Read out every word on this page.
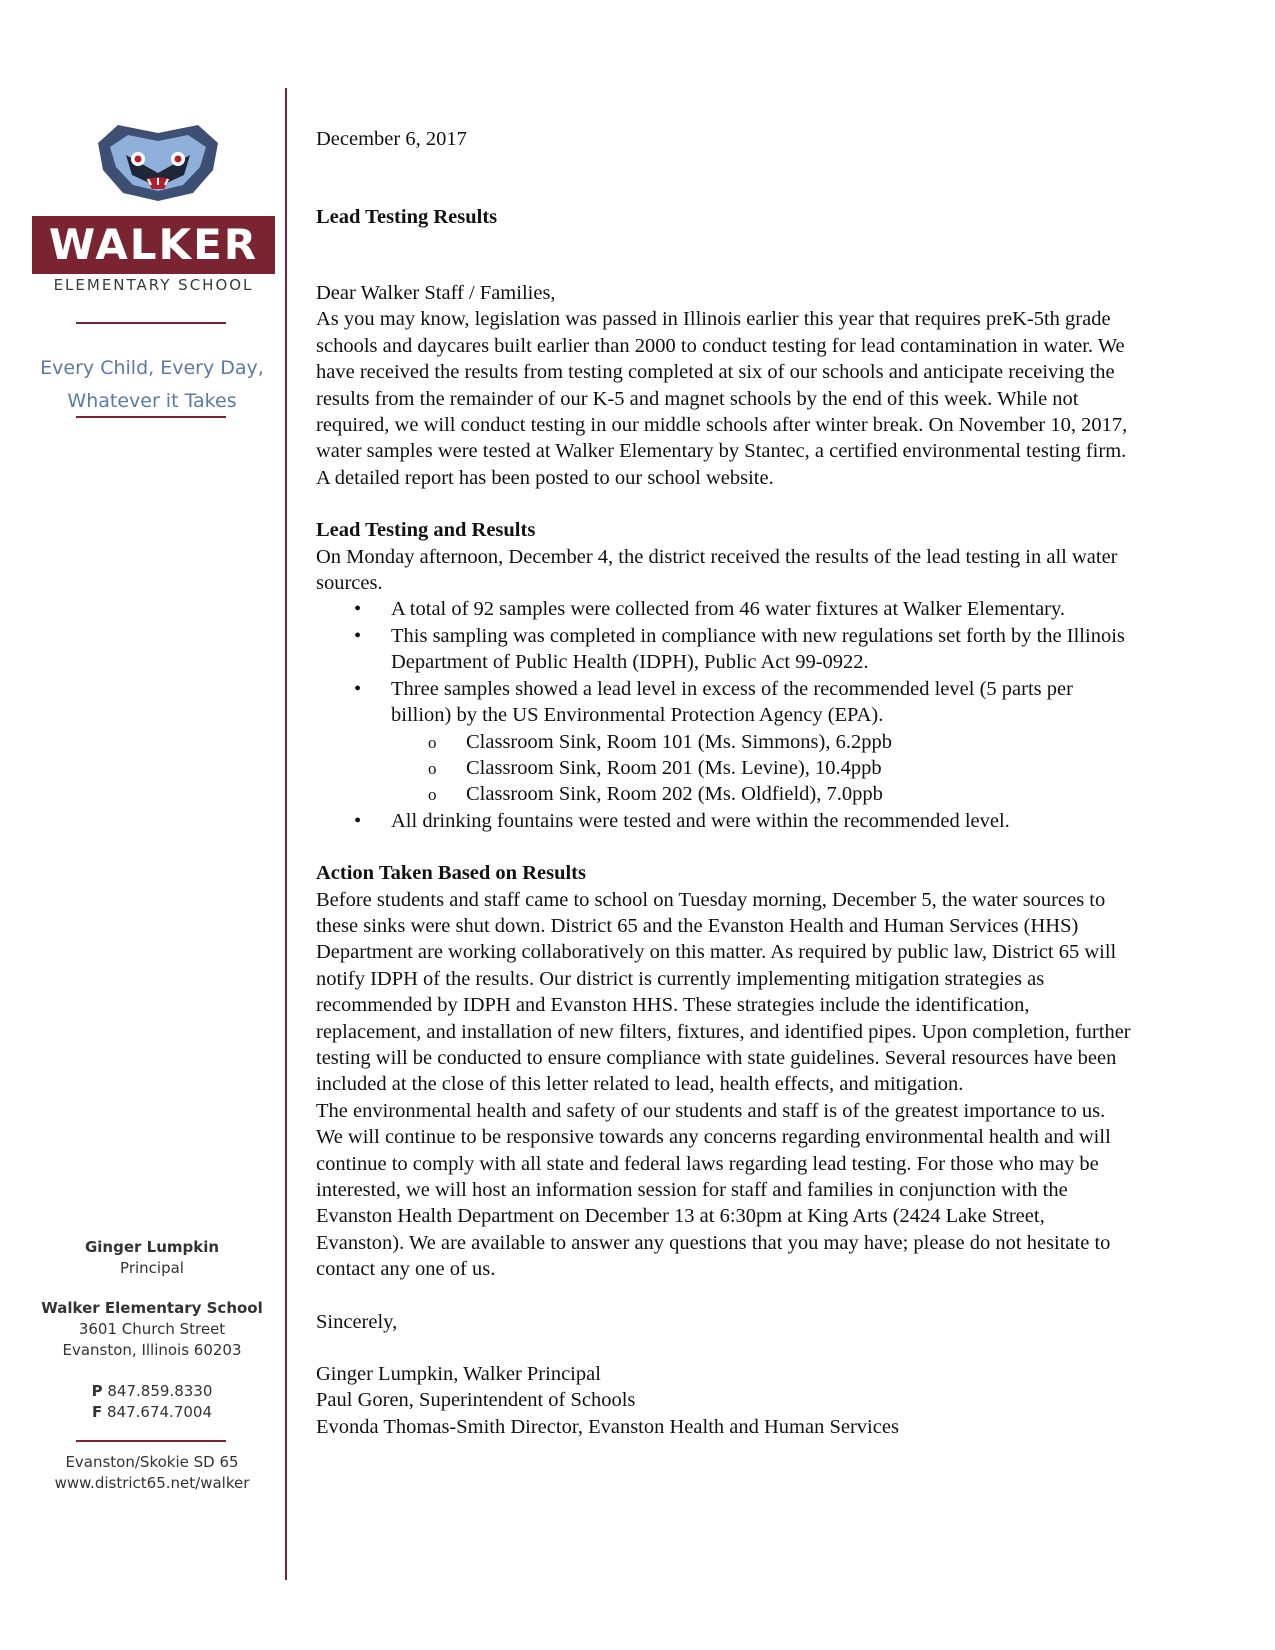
WALKER
ELEMENTARY SCHOOL
Every Child, Every Day,
Whatever it Takes
Ginger Lumpkin
Principal
Walker Elementary School
3601 Church Street
Evanston, Illinois 60203
P 847.859.8330
F 847.674.7004
Evanston/Skokie SD 65
www.district65.net/walker
December 6, 2017
Lead Testing Results

Dear Walker Staff / Families,

As you may know, legislation was passed in Illinois earlier this year that requires preK-5th grade schools and daycares built earlier than 2000 to conduct testing for lead contamination in water. We have received the results from testing completed at six of our schools and anticipate receiving the results from the remainder of our K-5 and magnet schools by the end of this week. While not required, we will conduct testing in our middle schools after winter break. On November 10, 2017, water samples were tested at Walker Elementary by Stantec, a certified environmental testing firm. A detailed report has been posted to our school website.

Lead Testing and Results

On Monday afternoon, December 4, the district received the results of the lead testing in all water sources.

• A total of 92 samples were collected from 46 water fixtures at Walker Elementary.
• This sampling was completed in compliance with new regulations set forth by the Illinois Department of Public Health (IDPH), Public Act 99-0922.
• Three samples showed a lead level in excess of the recommended level (5 parts per billion) by the US Environmental Protection Agency (EPA).
o Classroom Sink, Room 101 (Ms. Simmons), 6.2ppb
o Classroom Sink, Room 201 (Ms. Levine), 10.4ppb
o Classroom Sink, Room 202 (Ms. Oldfield), 7.0ppb
• All drinking fountains were tested and were within the recommended level.

Action Taken Based on Results

Before students and staff came to school on Tuesday morning, December 5, the water sources to these sinks were shut down. District 65 and the Evanston Health and Human Services (HHS) Department are working collaboratively on this matter. As required by public law, District 65 will notify IDPH of the results. Our district is currently implementing mitigation strategies as recommended by IDPH and Evanston HHS. These strategies include the identification, replacement, and installation of new filters, fixtures, and identified pipes. Upon completion, further testing will be conducted to ensure compliance with state guidelines. Several resources have been included at the close of this letter related to lead, health effects, and mitigation.

The environmental health and safety of our students and staff is of the greatest importance to us. We will continue to be responsive towards any concerns regarding environmental health and will continue to comply with all state and federal laws regarding lead testing. For those who may be interested, we will host an information session for staff and families in conjunction with the Evanston Health Department on December 13 at 6:30pm at King Arts (2424 Lake Street, Evanston). We are available to answer any questions that you may have; please do not hesitate to contact any one of us.

Sincerely,

Ginger Lumpkin, Walker Principal

Paul Goren, Superintendent of Schools

Evonda Thomas-Smith Director, Evanston Health and Human Services
